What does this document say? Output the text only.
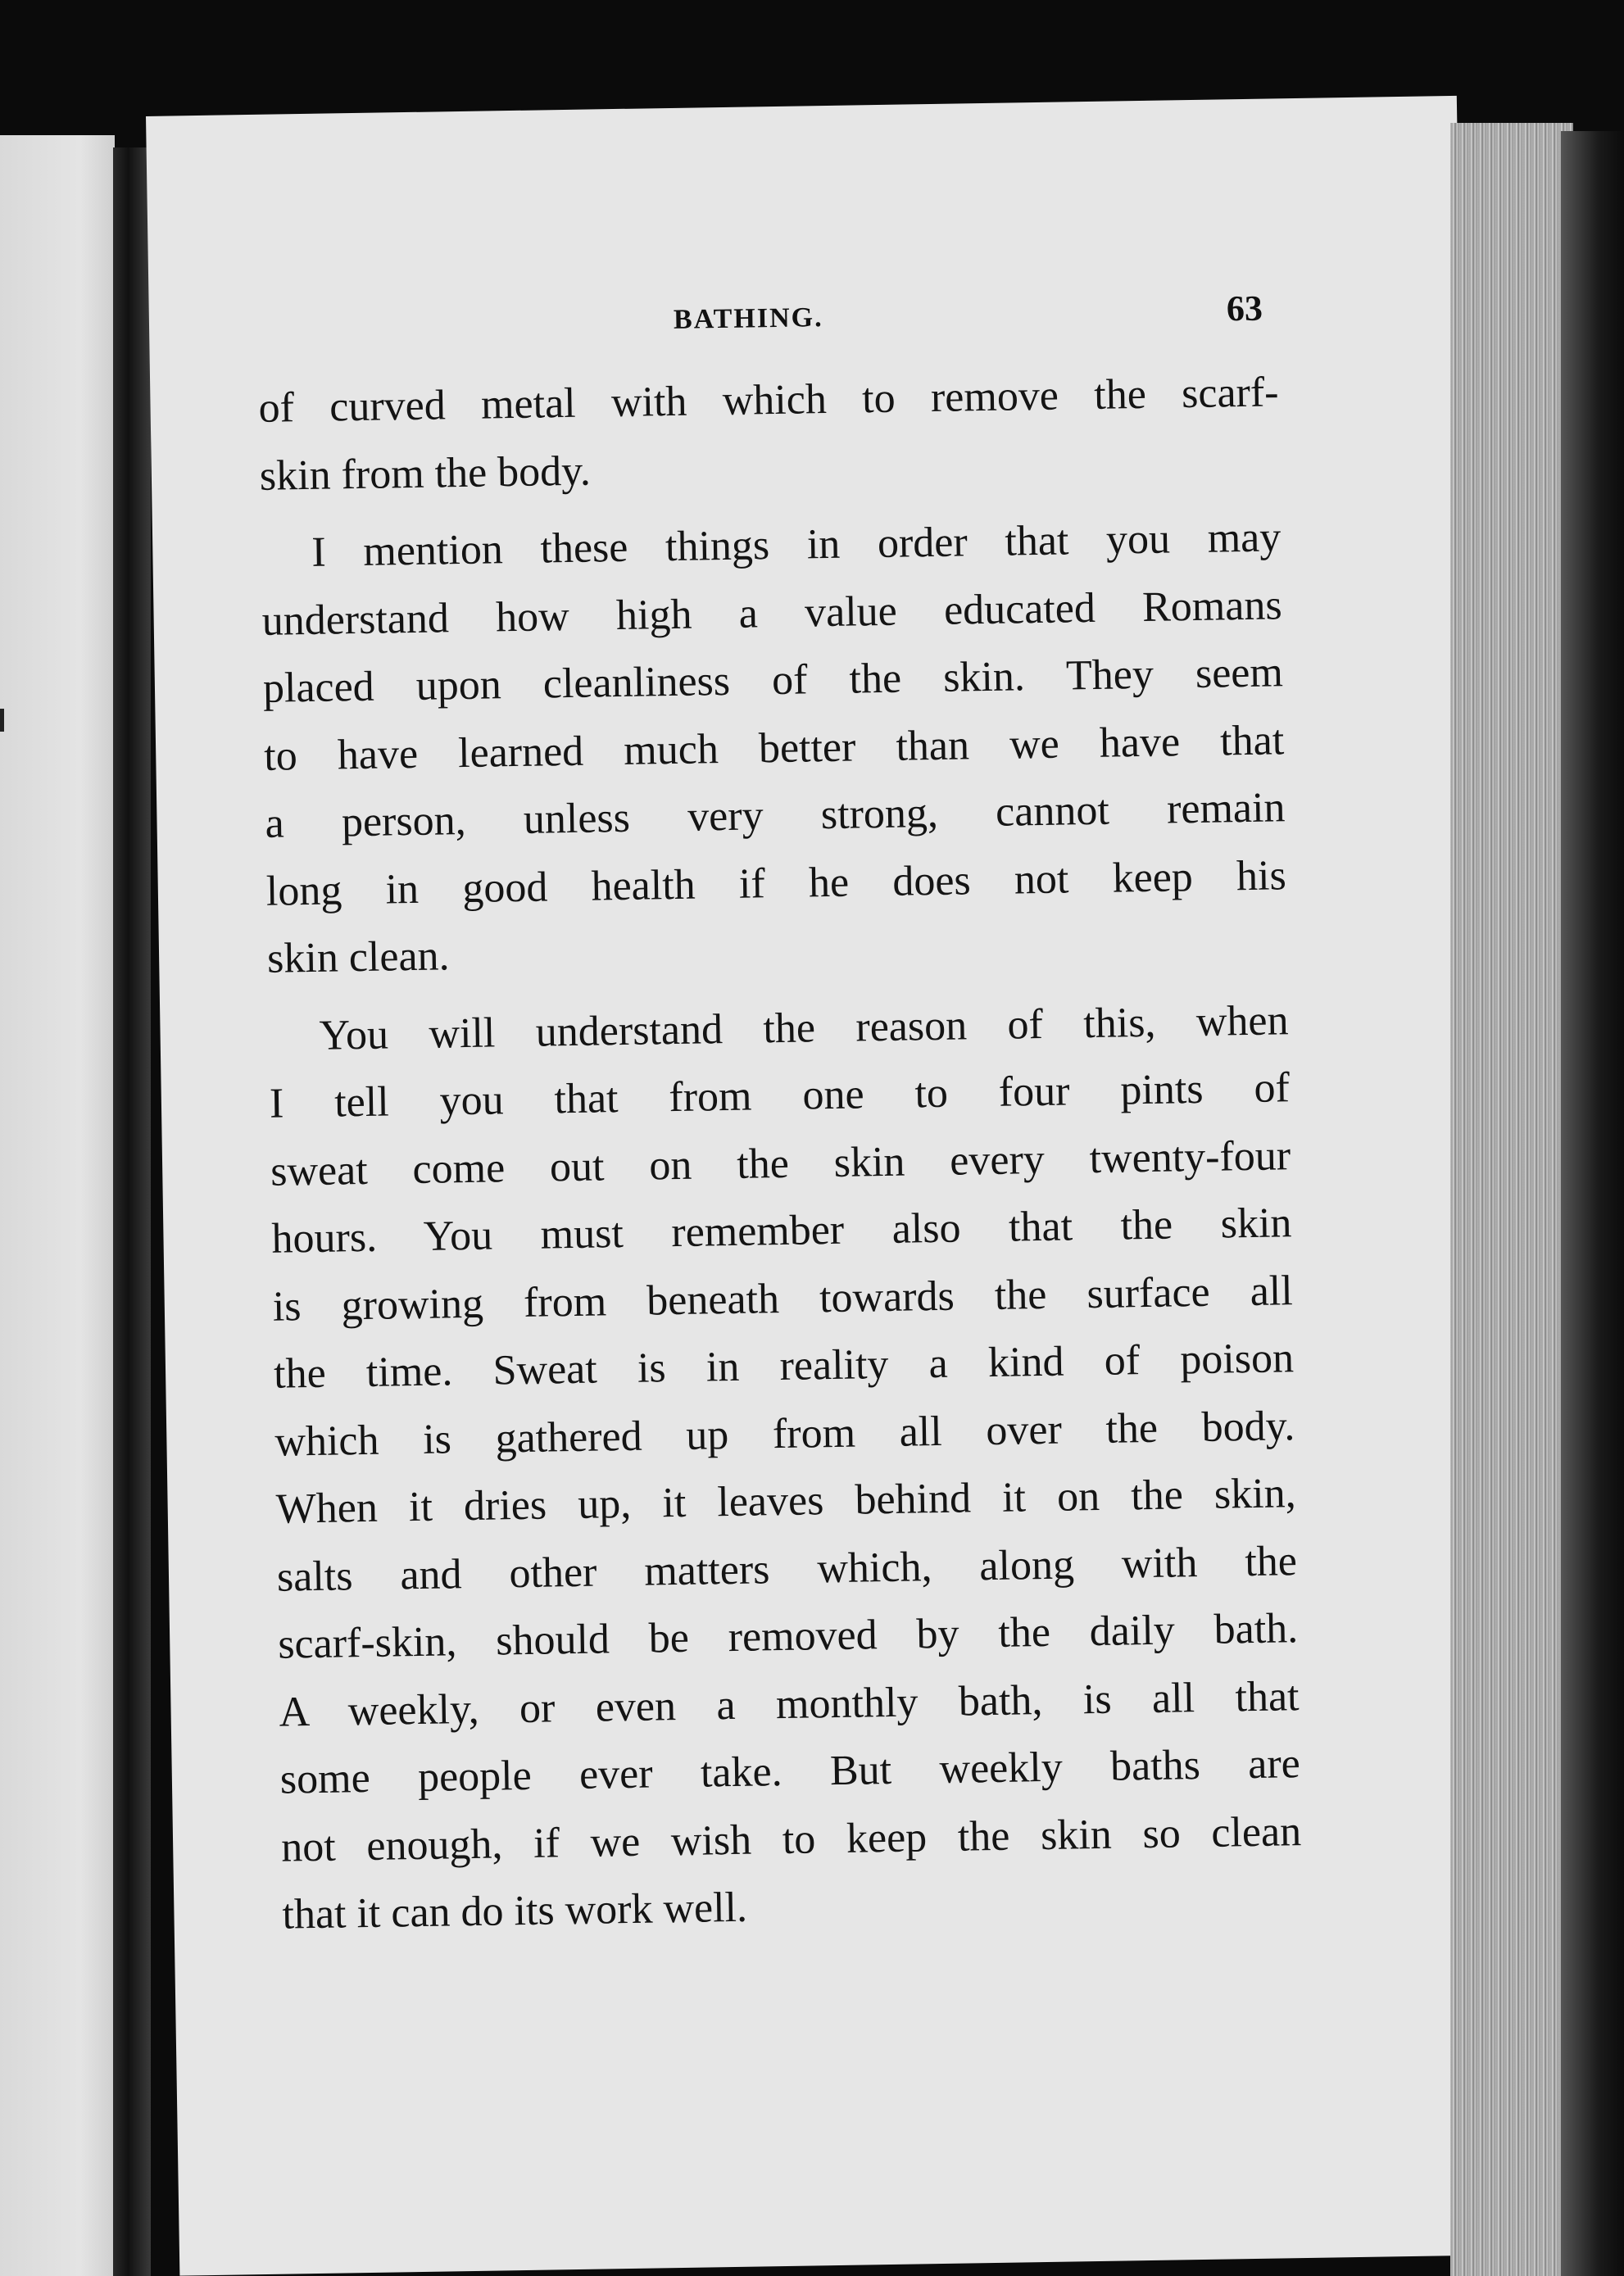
BATHING.	63

of curved metal with which to remove the scarf-
skin from the body.

I mention these things in order that you may
understand how high a value educated Romans
placed upon cleanliness of the skin. They seem
to have learned much better than we have that
a person, unless very strong, cannot remain
long in good health if he does not keep his
skin clean.

You will understand the reason of this, when
I tell you that from one to four pints of
sweat come out on the skin every twenty-four
hours. You must remember also that the skin
is growing from beneath towards the surface all
the time. Sweat is in reality a kind of poison
which is gathered up from all over the body.
When it dries up, it leaves behind it on the skin,
salts and other matters which, along with the
scarf-skin, should be removed by the daily bath.
A weekly, or even a monthly bath, is all that
some people ever take. But weekly baths are
not enough, if we wish to keep the skin so clean
that it can do its work well.
